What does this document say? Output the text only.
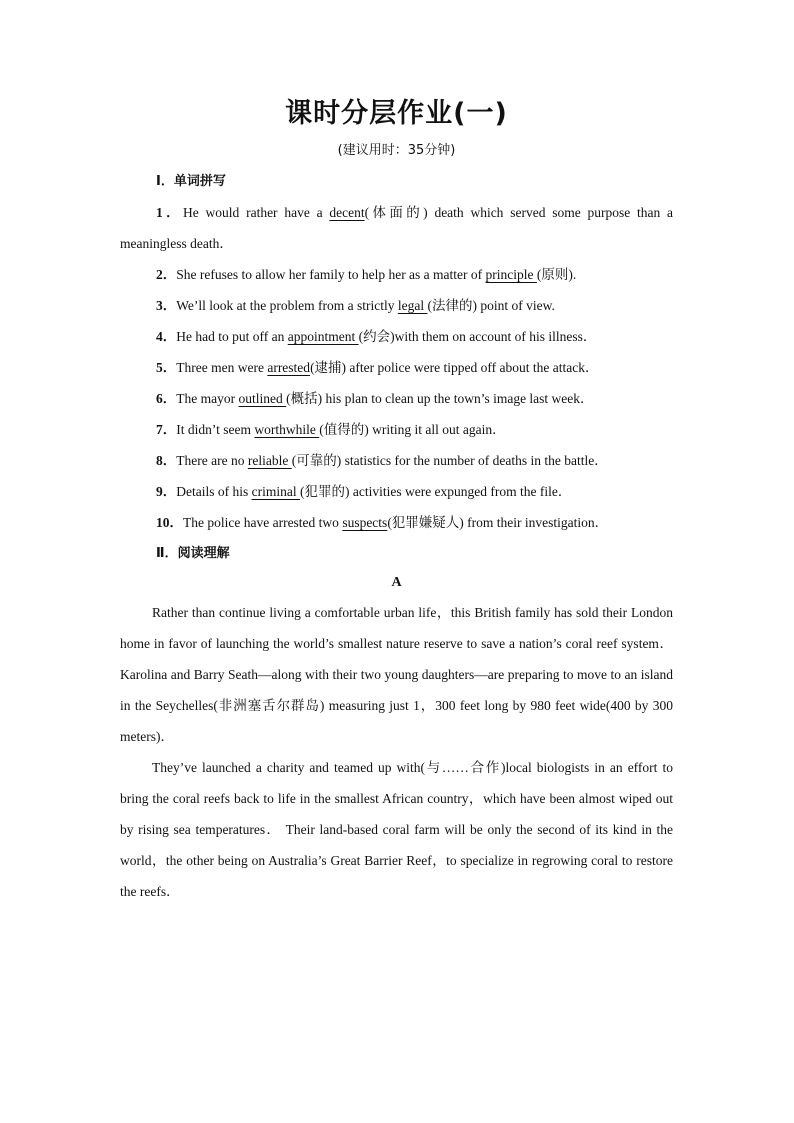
课时分层作业(一)
(建议用时：35分钟)
Ⅰ．单词拼写

1．He would rather have a decent(体面的) death which served some purpose than a meaningless death．

2．She refuses to allow her family to help her as a matter of principle (原则).

3．We’ll look at the problem from a strictly legal (法律的) point of view.

4．He had to put off an appointment (约会)with them on account of his illness．

5．Three men were arrested(逮捕) after police were tipped off about the attack．

6．The mayor outlined (概括) his plan to clean up the town’s image last week．

7．It didn’t seem worthwhile (值得的) writing it all out again．

8．There are no reliable (可靠的) statistics for the number of deaths in the battle．

9．Details of his criminal (犯罪的) activities were expunged from the file．

10．The police have arrested two suspects(犯罪嫌疑人) from their investigation．

Ⅱ．阅读理解
A

Rather than continue living a comfortable urban life，this British family has sold their London home in favor of launching the world’s smallest nature reserve to save a nation’s coral reef system． Karolina and Barry Seath—along with their two young daughters—are preparing to move to an island in the Seychelles(非洲塞舌尔群岛) measuring just 1，300 feet long by 980 feet wide(400 by 300 meters)．

They’ve launched a charity and teamed up with(与……合作)local biologists in an effort to bring the coral reefs back to life in the smallest African country，which have been almost wiped out by rising sea temperatures． Their land-based coral farm will be only the second of its kind in the world，the other being on Australia’s Great Barrier Reef，to specialize in regrowing coral to restore the reefs．
